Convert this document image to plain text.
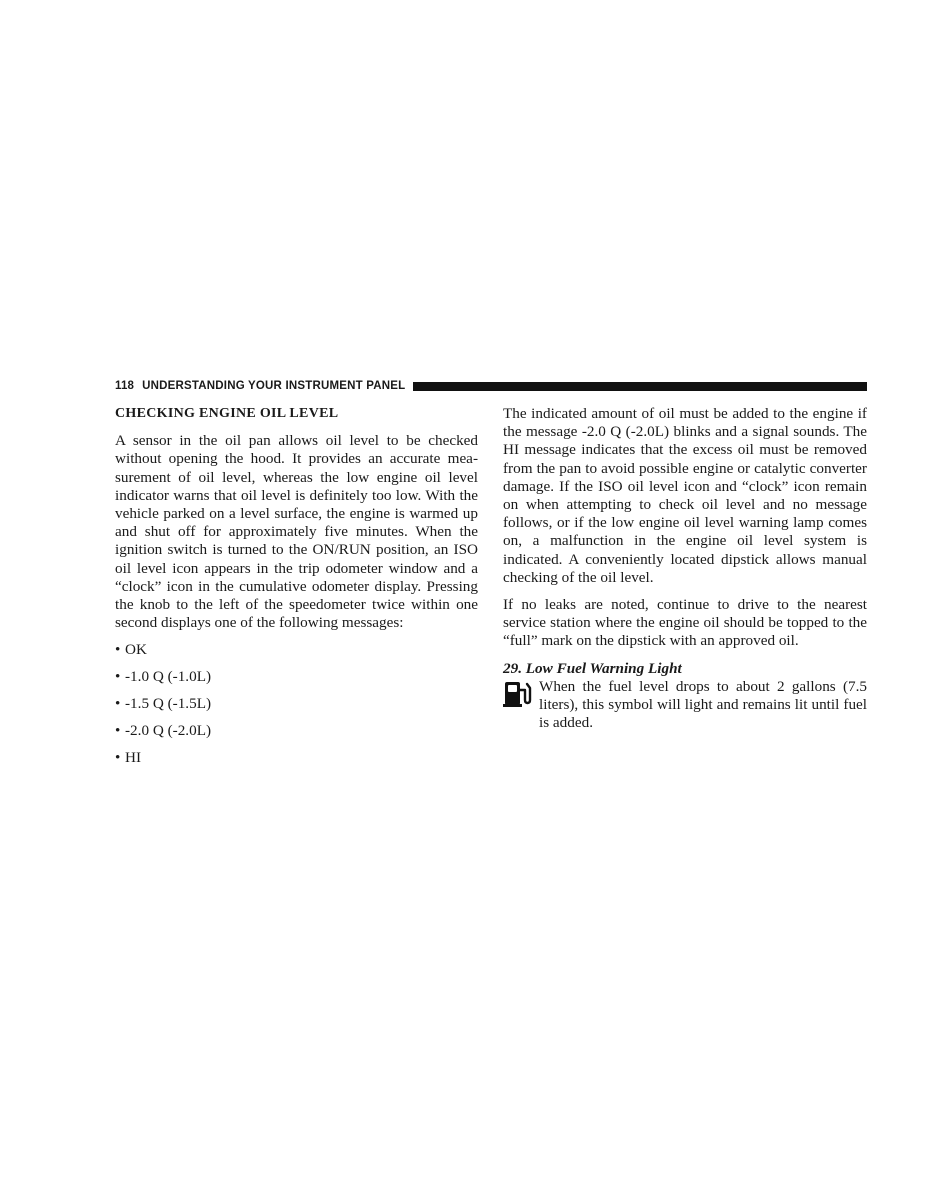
118 UNDERSTANDING YOUR INSTRUMENT PANEL
CHECKING ENGINE OIL LEVEL

A sensor in the oil pan allows oil level to be checked without opening the hood. It provides an accurate measurement of oil level, whereas the low engine oil level indicator warns that oil level is definitely too low. With the vehicle parked on a level surface, the engine is warmed up and shut off for approximately five minutes. When the ignition switch is turned to the ON/RUN position, an ISO oil level icon appears in the trip odometer window and a “clock” icon in the cumulative odometer display. Pressing the knob to the left of the speedometer twice within one second displays one of the following messages:

• OK
• -1.0 Q (-1.0L)
• -1.5 Q (-1.5L)
• -2.0 Q (-2.0L)
• HI

The indicated amount of oil must be added to the engine if the message -2.0 Q (-2.0L) blinks and a signal sounds. The HI message indicates that the excess oil must be removed from the pan to avoid possible engine or catalytic converter damage. If the ISO oil level icon and “clock” icon remain on when attempting to check oil level and no message follows, or if the low engine oil level warning lamp comes on, a malfunction in the engine oil level system is indicated. A conveniently located dipstick allows manual checking of the oil level.

If no leaks are noted, continue to drive to the nearest service station where the engine oil should be topped to the “full” mark on the dipstick with an approved oil.

29. Low Fuel Warning Light
When the fuel level drops to about 2 gallons (7.5 liters), this symbol will light and remains lit until fuel is added.
